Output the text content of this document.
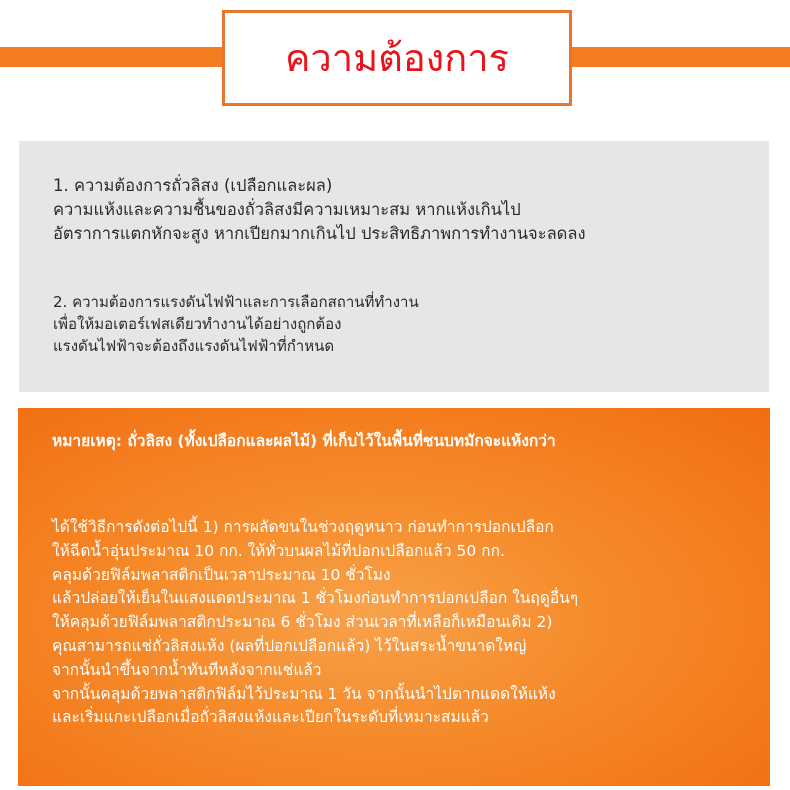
ความต้องการ

1. ความต้องการถั่วลิสง (เปลือกและผล)
ความแห้งและความชื้นของถั่วลิสงมีความเหมาะสม หากแห้งเกินไป
อัตราการแตกหักจะสูง หากเปียกมากเกินไป ประสิทธิภาพการทำงานจะลดลง

2. ความต้องการแรงดันไฟฟ้าและการเลือกสถานที่ทำงาน
เพื่อให้มอเตอร์เฟสเดียวทำงานได้อย่างถูกต้อง
แรงดันไฟฟ้าจะต้องถึงแรงดันไฟฟ้าที่กำหนด

หมายเหตุ: ถั่วลิสง (ทั้งเปลือกและผลไม้) ที่เก็บไว้ในพื้นที่ชนบทมักจะแห้งกว่า

ได้ใช้วิธีการดังต่อไปนี้ 1) การผลัดขนในช่วงฤดูหนาว ก่อนทำการปอกเปลือก
ให้ฉีดน้ำอุ่นประมาณ 10 กก. ให้ทั่วบนผลไม้ที่ปอกเปลือกแล้ว 50 กก.
คลุมด้วยฟิล์มพลาสติกเป็นเวลาประมาณ 10 ชั่วโมง
แล้วปล่อยให้เย็นในแสงแดดประมาณ 1 ชั่วโมงก่อนทำการปอกเปลือก ในฤดูอื่นๆ
ให้คลุมด้วยฟิล์มพลาสติกประมาณ 6 ชั่วโมง ส่วนเวลาที่เหลือก็เหมือนเดิม 2)
คุณสามารถแช่ถั่วลิสงแห้ง (ผลที่ปอกเปลือกแล้ว) ไว้ในสระน้ำขนาดใหญ่
จากนั้นนำขึ้นจากน้ำทันทีหลังจากแช่แล้ว
จากนั้นคลุมด้วยพลาสติกฟิล์มไว้ประมาณ 1 วัน จากนั้นนำไปตากแดดให้แห้ง
และเริ่มแกะเปลือกเมื่อถั่วลิสงแห้งและเปียกในระดับที่เหมาะสมแล้ว
